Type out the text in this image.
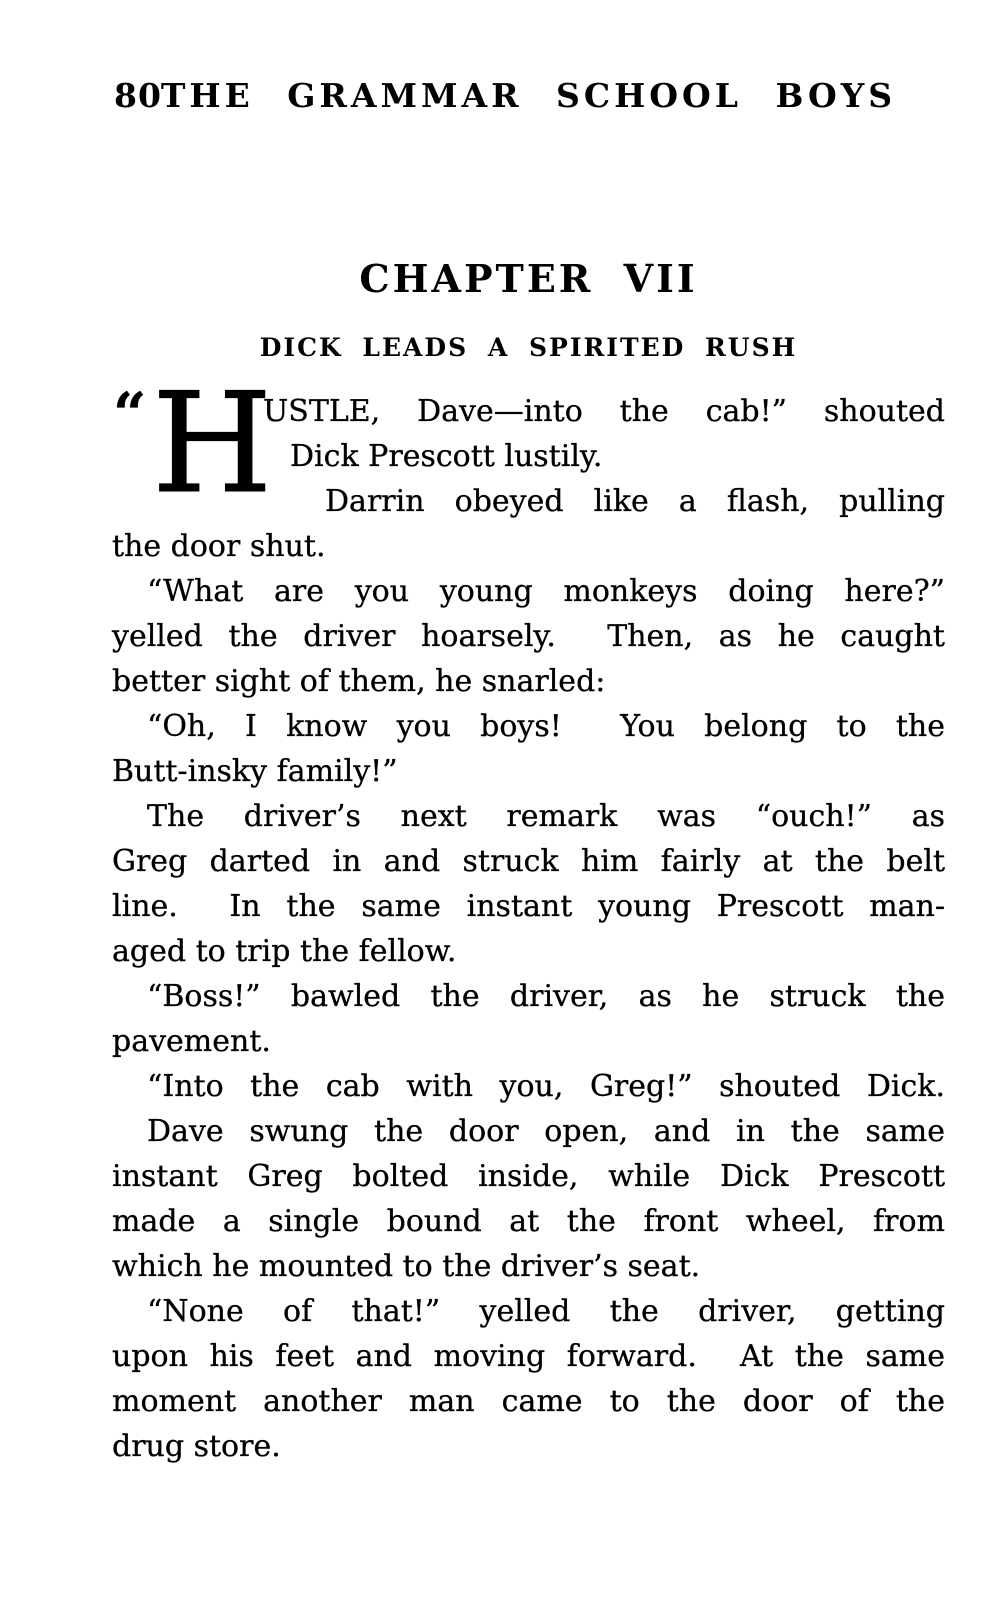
80
THE GRAMMAR SCHOOL BOYS
CHAPTER VII
DICK LEADS A SPIRITED RUSH
“ H
USTLE, Dave—into the cab!” shouted
Dick Prescott lustily.
Darrin obeyed like a flash, pulling
the door shut.
“What are you young monkeys doing here?”
yelled the driver hoarsely.  Then, as he caught
better sight of them, he snarled:
“Oh, I know you boys!  You belong to the
Butt-insky family!”
The driver’s next remark was “ouch!” as
Greg darted in and struck him fairly at the belt
line.  In the same instant young Prescott man-
aged to trip the fellow.
“Boss!” bawled the driver, as he struck the
pavement.
“Into the cab with you, Greg!” shouted Dick.
Dave swung the door open, and in the same
instant Greg bolted inside, while Dick Prescott
made a single bound at the front wheel, from
which he mounted to the driver’s seat.
“None of that!” yelled the driver, getting
upon his feet and moving forward.  At the same
moment another man came to the door of the
drug store.
